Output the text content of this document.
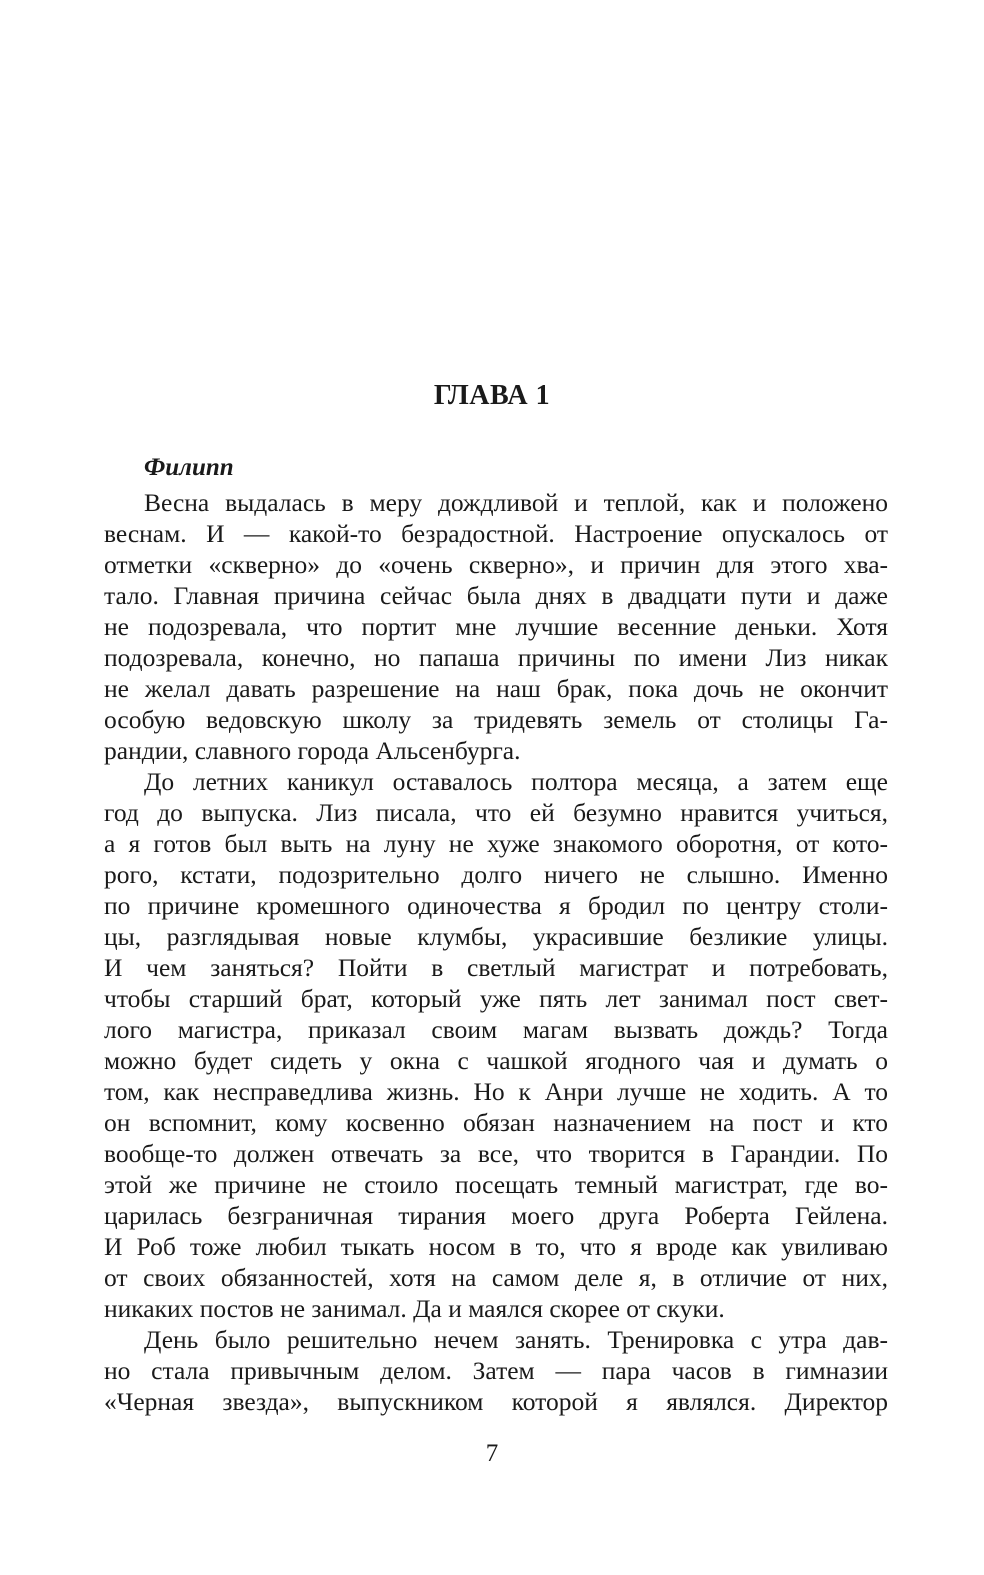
ГЛАВА 1
Филипп
Весна выдалась в меру дождливой и теплой, как и положено
веснам. И — какой-то безрадостной. Настроение опускалось от
отметки «скверно» до «очень скверно», и причин для этого хва-
тало. Главная причина сейчас была днях в двадцати пути и даже
не подозревала, что портит мне лучшие весенние деньки. Хотя
подозревала, конечно, но папаша причины по имени Лиз никак
не желал давать разрешение на наш брак, пока дочь не окончит
особую ведовскую школу за тридевять земель от столицы Га-
рандии, славного города Альсенбурга.
До летних каникул оставалось полтора месяца, а затем еще
год до выпуска. Лиз писала, что ей безумно нравится учиться,
а я готов был выть на луну не хуже знакомого оборотня, от кото-
рого, кстати, подозрительно долго ничего не слышно. Именно
по причине кромешного одиночества я бродил по центру столи-
цы, разглядывая новые клумбы, украсившие безликие улицы.
И чем заняться? Пойти в светлый магистрат и потребовать,
чтобы старший брат, который уже пять лет занимал пост свет-
лого магистра, приказал своим магам вызвать дождь? Тогда
можно будет сидеть у окна с чашкой ягодного чая и думать о
том, как несправедлива жизнь. Но к Анри лучше не ходить. А то
он вспомнит, кому косвенно обязан назначением на пост и кто
вообще-то должен отвечать за все, что творится в Гарандии. По
этой же причине не стоило посещать темный магистрат, где во-
царилась безграничная тирания моего друга Роберта Гейлена.
И Роб тоже любил тыкать носом в то, что я вроде как увиливаю
от своих обязанностей, хотя на самом деле я, в отличие от них,
никаких постов не занимал. Да и маялся скорее от скуки.
День было решительно нечем занять. Тренировка с утра дав-
но стала привычным делом. Затем — пара часов в гимназии
«Черная звезда», выпускником которой я являлся. Директор
7
